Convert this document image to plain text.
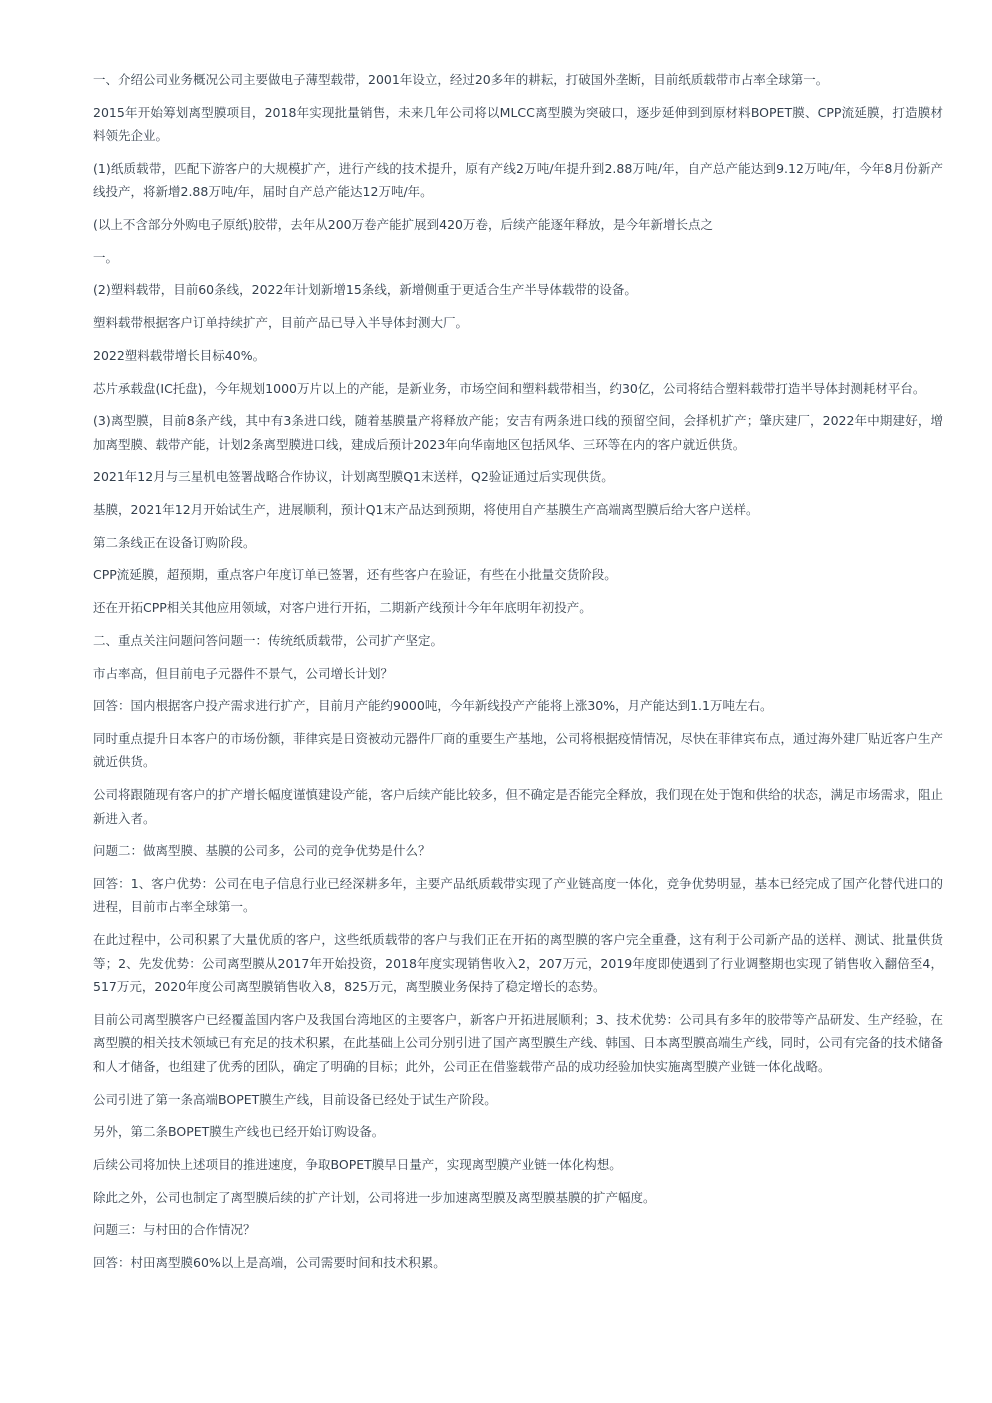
一、介绍公司业务概况公司主要做电子薄型载带，2001年设立，经过20多年的耕耘，打破国外垄断，目前纸质载带市占率全球第一。

2015年开始筹划离型膜项目，2018年实现批量销售，未来几年公司将以MLCC离型膜为突破口，逐步延伸到到原材料BOPET膜、CPP流延膜，打造膜材料领先企业。

(1)纸质载带，匹配下游客户的大规模扩产，进行产线的技术提升，原有产线2万吨/年提升到2.88万吨/年，自产总产能达到9.12万吨/年，今年8月份新产线投产，将新增2.88万吨/年，届时自产总产能达12万吨/年。

(以上不含部分外购电子原纸)胶带，去年从200万卷产能扩展到420万卷，后续产能逐年释放，是今年新增长点之

一。

(2)塑料载带，目前60条线，2022年计划新增15条线，新增侧重于更适合生产半导体载带的设备。

塑料载带根据客户订单持续扩产，目前产品已导入半导体封测大厂。

2022塑料载带增长目标40%。

芯片承载盘(IC托盘)，今年规划1000万片以上的产能，是新业务，市场空间和塑料载带相当，约30亿，公司将结合塑料载带打造半导体封测耗材平台。

(3)离型膜，目前8条产线，其中有3条进口线，随着基膜量产将释放产能；安吉有两条进口线的预留空间，会择机扩产；肇庆建厂，2022年中期建好，增加离型膜、载带产能，计划2条离型膜进口线，建成后预计2023年向华南地区包括风华、三环等在内的客户就近供货。

2021年12月与三星机电签署战略合作协议，计划离型膜Q1末送样，Q2验证通过后实现供货。

基膜，2021年12月开始试生产，进展顺利，预计Q1末产品达到预期，将使用自产基膜生产高端离型膜后给大客户送样。

第二条线正在设备订购阶段。

CPP流延膜，超预期，重点客户年度订单已签署，还有些客户在验证，有些在小批量交货阶段。

还在开拓CPP相关其他应用领域，对客户进行开拓，二期新产线预计今年年底明年初投产。

二、重点关注问题问答问题一：传统纸质载带，公司扩产坚定。

市占率高，但目前电子元器件不景气，公司增长计划？

回答：国内根据客户投产需求进行扩产，目前月产能约9000吨，今年新线投产产能将上涨30%，月产能达到1.1万吨左右。

同时重点提升日本客户的市场份额，菲律宾是日资被动元器件厂商的重要生产基地，公司将根据疫情情况，尽快在菲律宾布点，通过海外建厂贴近客户生产就近供货。

公司将跟随现有客户的扩产增长幅度谨慎建设产能，客户后续产能比较多，但不确定是否能完全释放，我们现在处于饱和供给的状态，满足市场需求，阻止新进入者。

问题二：做离型膜、基膜的公司多，公司的竞争优势是什么？

回答：1、客户优势：公司在电子信息行业已经深耕多年，主要产品纸质载带实现了产业链高度一体化，竞争优势明显，基本已经完成了国产化替代进口的进程，目前市占率全球第一。

在此过程中，公司积累了大量优质的客户，这些纸质载带的客户与我们正在开拓的离型膜的客户完全重叠，这有利于公司新产品的送样、测试、批量供货等；2、先发优势：公司离型膜从2017年开始投资，2018年度实现销售收入2，207万元，2019年度即使遇到了行业调整期也实现了销售收入翻倍至4，517万元，2020年度公司离型膜销售收入8，825万元，离型膜业务保持了稳定增长的态势。

目前公司离型膜客户已经覆盖国内客户及我国台湾地区的主要客户，新客户开拓进展顺利；3、技术优势：公司具有多年的胶带等产品研发、生产经验，在离型膜的相关技术领域已有充足的技术积累，在此基础上公司分别引进了国产离型膜生产线、韩国、日本离型膜高端生产线，同时，公司有完备的技术储备和人才储备，也组建了优秀的团队，确定了明确的目标；此外，公司正在借鉴载带产品的成功经验加快实施离型膜产业链一体化战略。

公司引进了第一条高端BOPET膜生产线，目前设备已经处于试生产阶段。

另外，第二条BOPET膜生产线也已经开始订购设备。

后续公司将加快上述项目的推进速度，争取BOPET膜早日量产，实现离型膜产业链一体化构想。

除此之外，公司也制定了离型膜后续的扩产计划，公司将进一步加速离型膜及离型膜基膜的扩产幅度。

问题三：与村田的合作情况？

回答：村田离型膜60%以上是高端，公司需要时间和技术积累。
